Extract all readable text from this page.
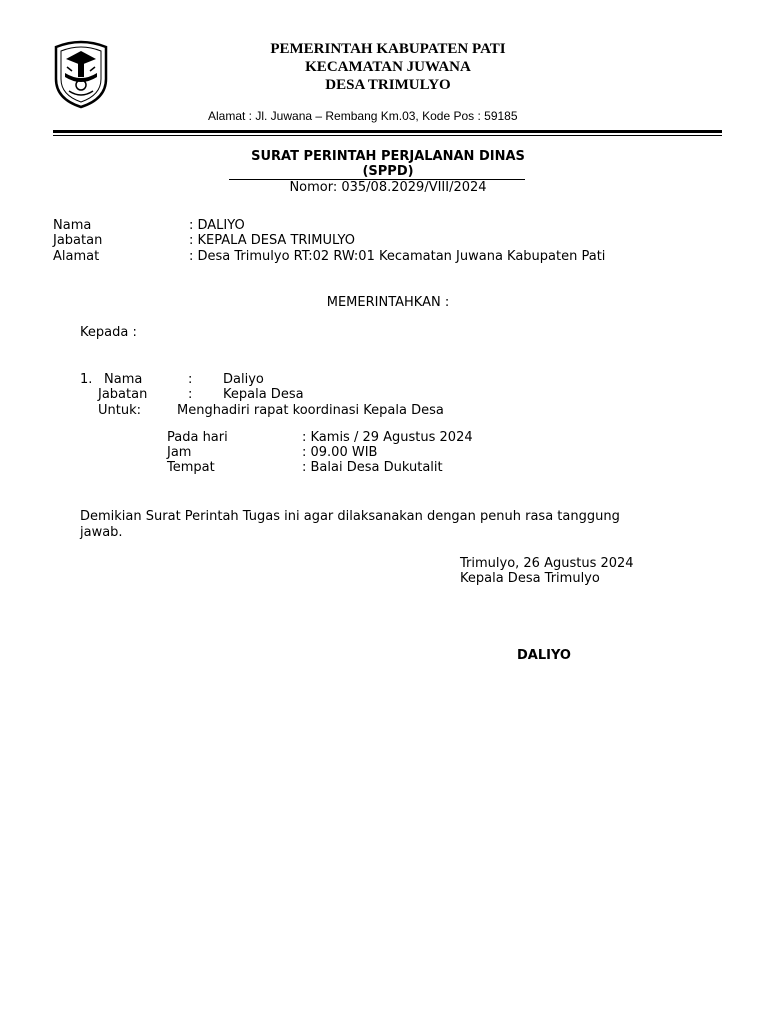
PEMERINTAH KABUPATEN PATI
KECAMATAN JUWANA
DESA TRIMULYO
Alamat : Jl. Juwana – Rembang Km.03, Kode Pos : 59185
SURAT PERINTAH PERJALANAN DINAS
(SPPD)
Nomor: 035/08.2029/VIII/2024
Nama	: DALIYO
Jabatan	: KEPALA DESA TRIMULYO
Alamat	: Desa Trimulyo RT:02 RW:01 Kecamatan Juwana Kabupaten Pati
MEMERINTAHKAN :
Kepada :
1. Nama	: Daliyo
Jabatan	: Kepala Desa
Untuk:	Menghadiri rapat koordinasi Kepala Desa
Pada hari	: Kamis / 29 Agustus 2024
Jam	: 09.00 WIB
Tempat	: Balai Desa Dukutalit
Demikian Surat Perintah Tugas ini agar dilaksanakan dengan penuh rasa tanggung
jawab.
Trimulyo, 26 Agustus 2024
Kepala Desa Trimulyo
DALIYO
